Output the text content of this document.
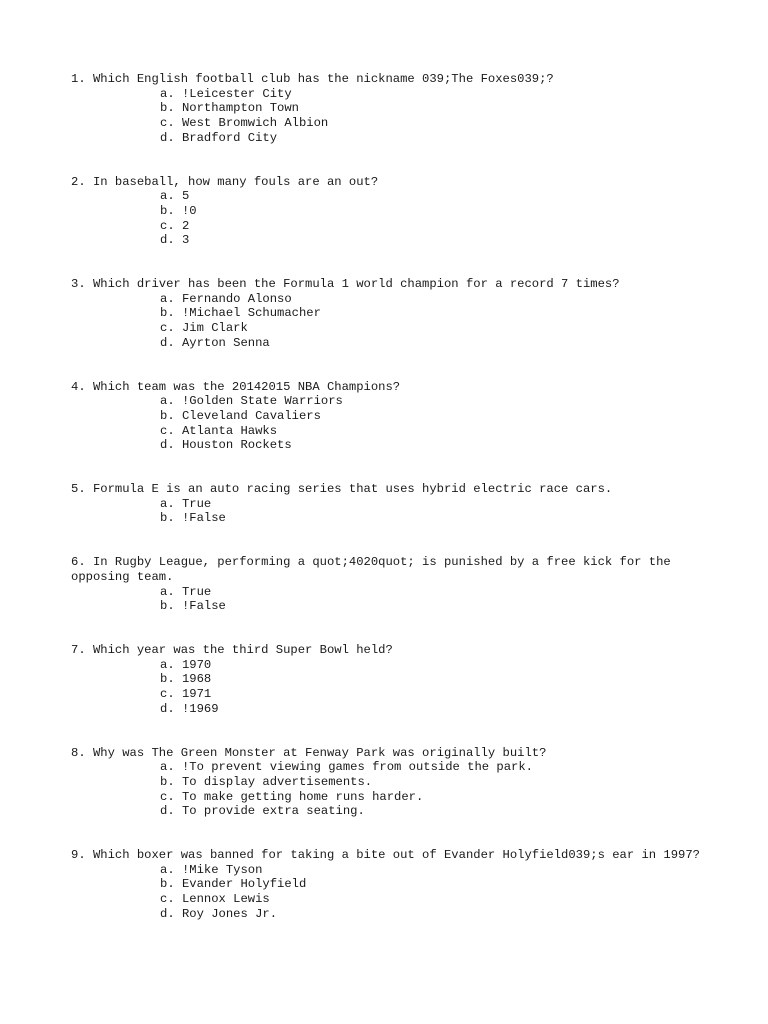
1. Which English football club has the nickname 039;The Foxes039;?
a. !Leicester City
b. Northampton Town
c. West Bromwich Albion
d. Bradford City
2. In baseball, how many fouls are an out?
a. 5
b. !0
c. 2
d. 3
3. Which driver has been the Formula 1 world champion for a record 7 times?
a. Fernando Alonso
b. !Michael Schumacher
c. Jim Clark
d. Ayrton Senna
4. Which team was the 20142015 NBA Champions?
a. !Golden State Warriors
b. Cleveland Cavaliers
c. Atlanta Hawks
d. Houston Rockets
5. Formula E is an auto racing series that uses hybrid electric race cars.
a. True
b. !False
6. In Rugby League, performing a quot;4020quot; is punished by a free kick for the opposing team.
a. True
b. !False
7. Which year was the third Super Bowl held?
a. 1970
b. 1968
c. 1971
d. !1969
8. Why was The Green Monster at Fenway Park was originally built?
a. !To prevent viewing games from outside the park.
b. To display advertisements.
c. To make getting home runs harder.
d. To provide extra seating.
9. Which boxer was banned for taking a bite out of Evander Holyfield039;s ear in 1997?
a. !Mike Tyson
b. Evander Holyfield
c. Lennox Lewis
d. Roy Jones Jr.
